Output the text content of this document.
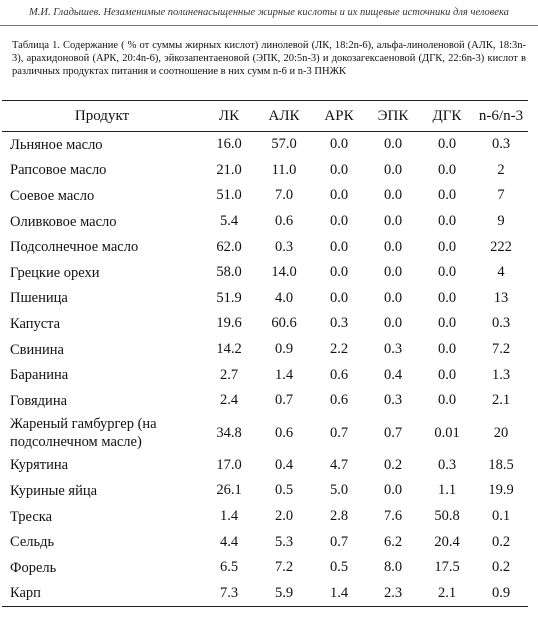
М.И. Гладышев. Незаменимые полиненасыщенные жирные кислоты и их пищевые источники для человека
Таблица 1. Содержание ( % от суммы жирных кислот) линолевой (ЛК, 18:2n-6), альфа-линоленовой (АЛК, 18:3n-3), арахидоновой (АРК, 20:4n-6), эйкозапентаеновой (ЭПК, 20:5n-3) и докозагексаеновой (ДГК, 22:6n-3) кислот в различных продуктах питания и соотношение в них сумм n-6 и n-3 ПНЖК
Продукт	ЛК	АЛК	АРК	ЭПК	ДГК	n-6/n-3
Льняное масло	16.0	57.0	0.0	0.0	0.0	0.3
Рапсовое масло	21.0	11.0	0.0	0.0	0.0	2
Соевое масло	51.0	7.0	0.0	0.0	0.0	7
Оливковое масло	5.4	0.6	0.0	0.0	0.0	9
Подсолнечное масло	62.0	0.3	0.0	0.0	0.0	222
Грецкие орехи	58.0	14.0	0.0	0.0	0.0	4
Пшеница	51.9	4.0	0.0	0.0	0.0	13
Капуста	19.6	60.6	0.3	0.0	0.0	0.3
Свинина	14.2	0.9	2.2	0.3	0.0	7.2
Баранина	2.7	1.4	0.6	0.4	0.0	1.3
Говядина	2.4	0.7	0.6	0.3	0.0	2.1
Жареный гамбургер (на подсолнечном масле)	34.8	0.6	0.7	0.7	0.01	20
Курятина	17.0	0.4	4.7	0.2	0.3	18.5
Куриные яйца	26.1	0.5	5.0	0.0	1.1	19.9
Треска	1.4	2.0	2.8	7.6	50.8	0.1
Сельдь	4.4	5.3	0.7	6.2	20.4	0.2
Форель	6.5	7.2	0.5	8.0	17.5	0.2
Карп	7.3	5.9	1.4	2.3	2.1	0.9
